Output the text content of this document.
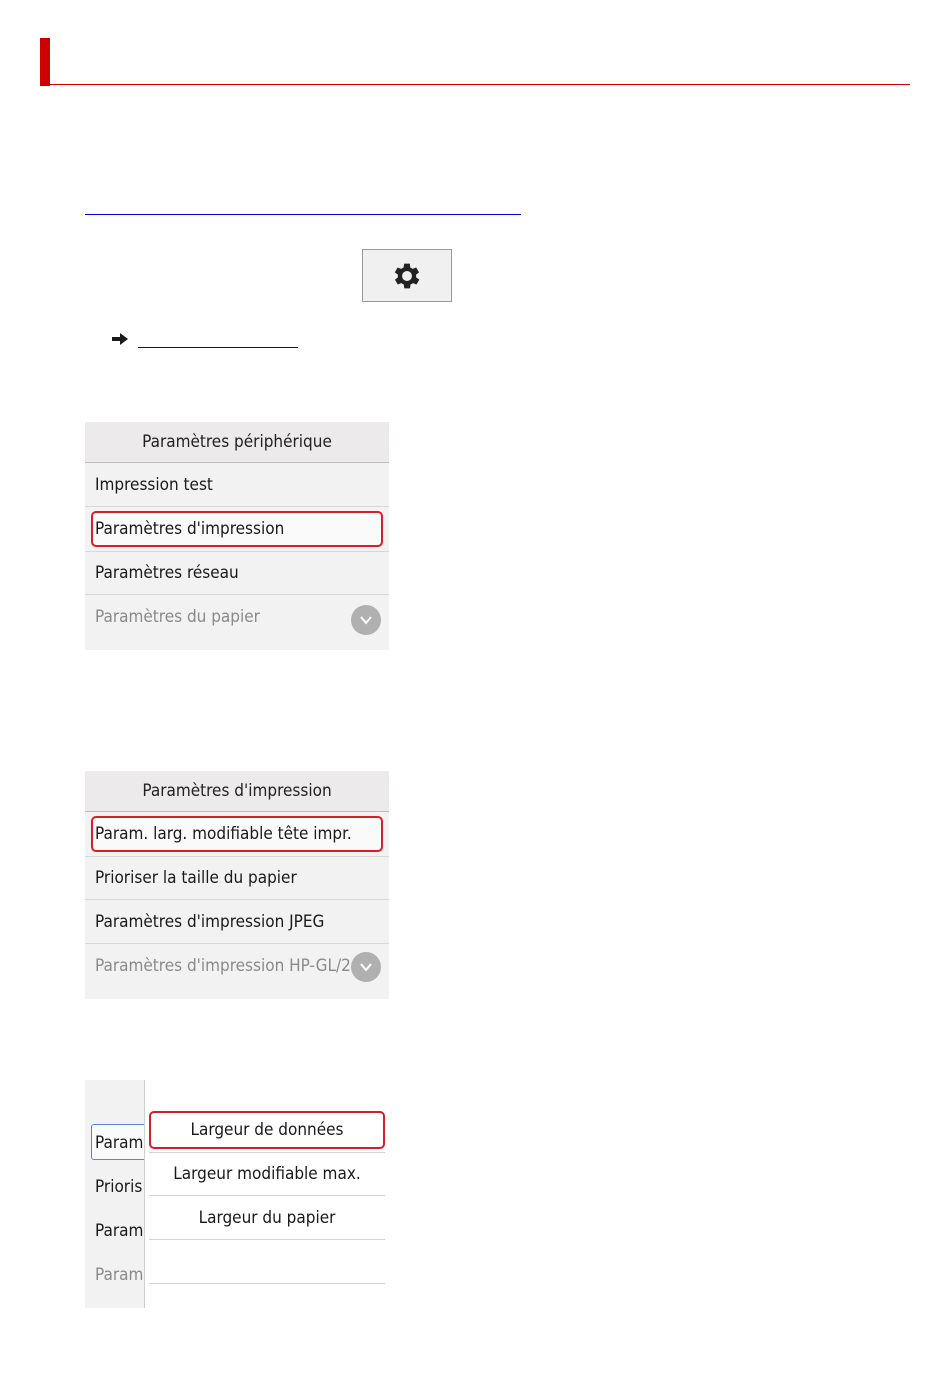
Paramètres périphérique
Impression test
Paramètres d'impression
Paramètres réseau
Paramètres du papier
Paramètres d'impression
Param. larg. modifiable tête impr.
Prioriser la taille du papier
Paramètres d'impression JPEG
Paramètres d'impression HP-GL/2
Param
Prioris
Param
Param
Largeur de données
Largeur modifiable max.
Largeur du papier
